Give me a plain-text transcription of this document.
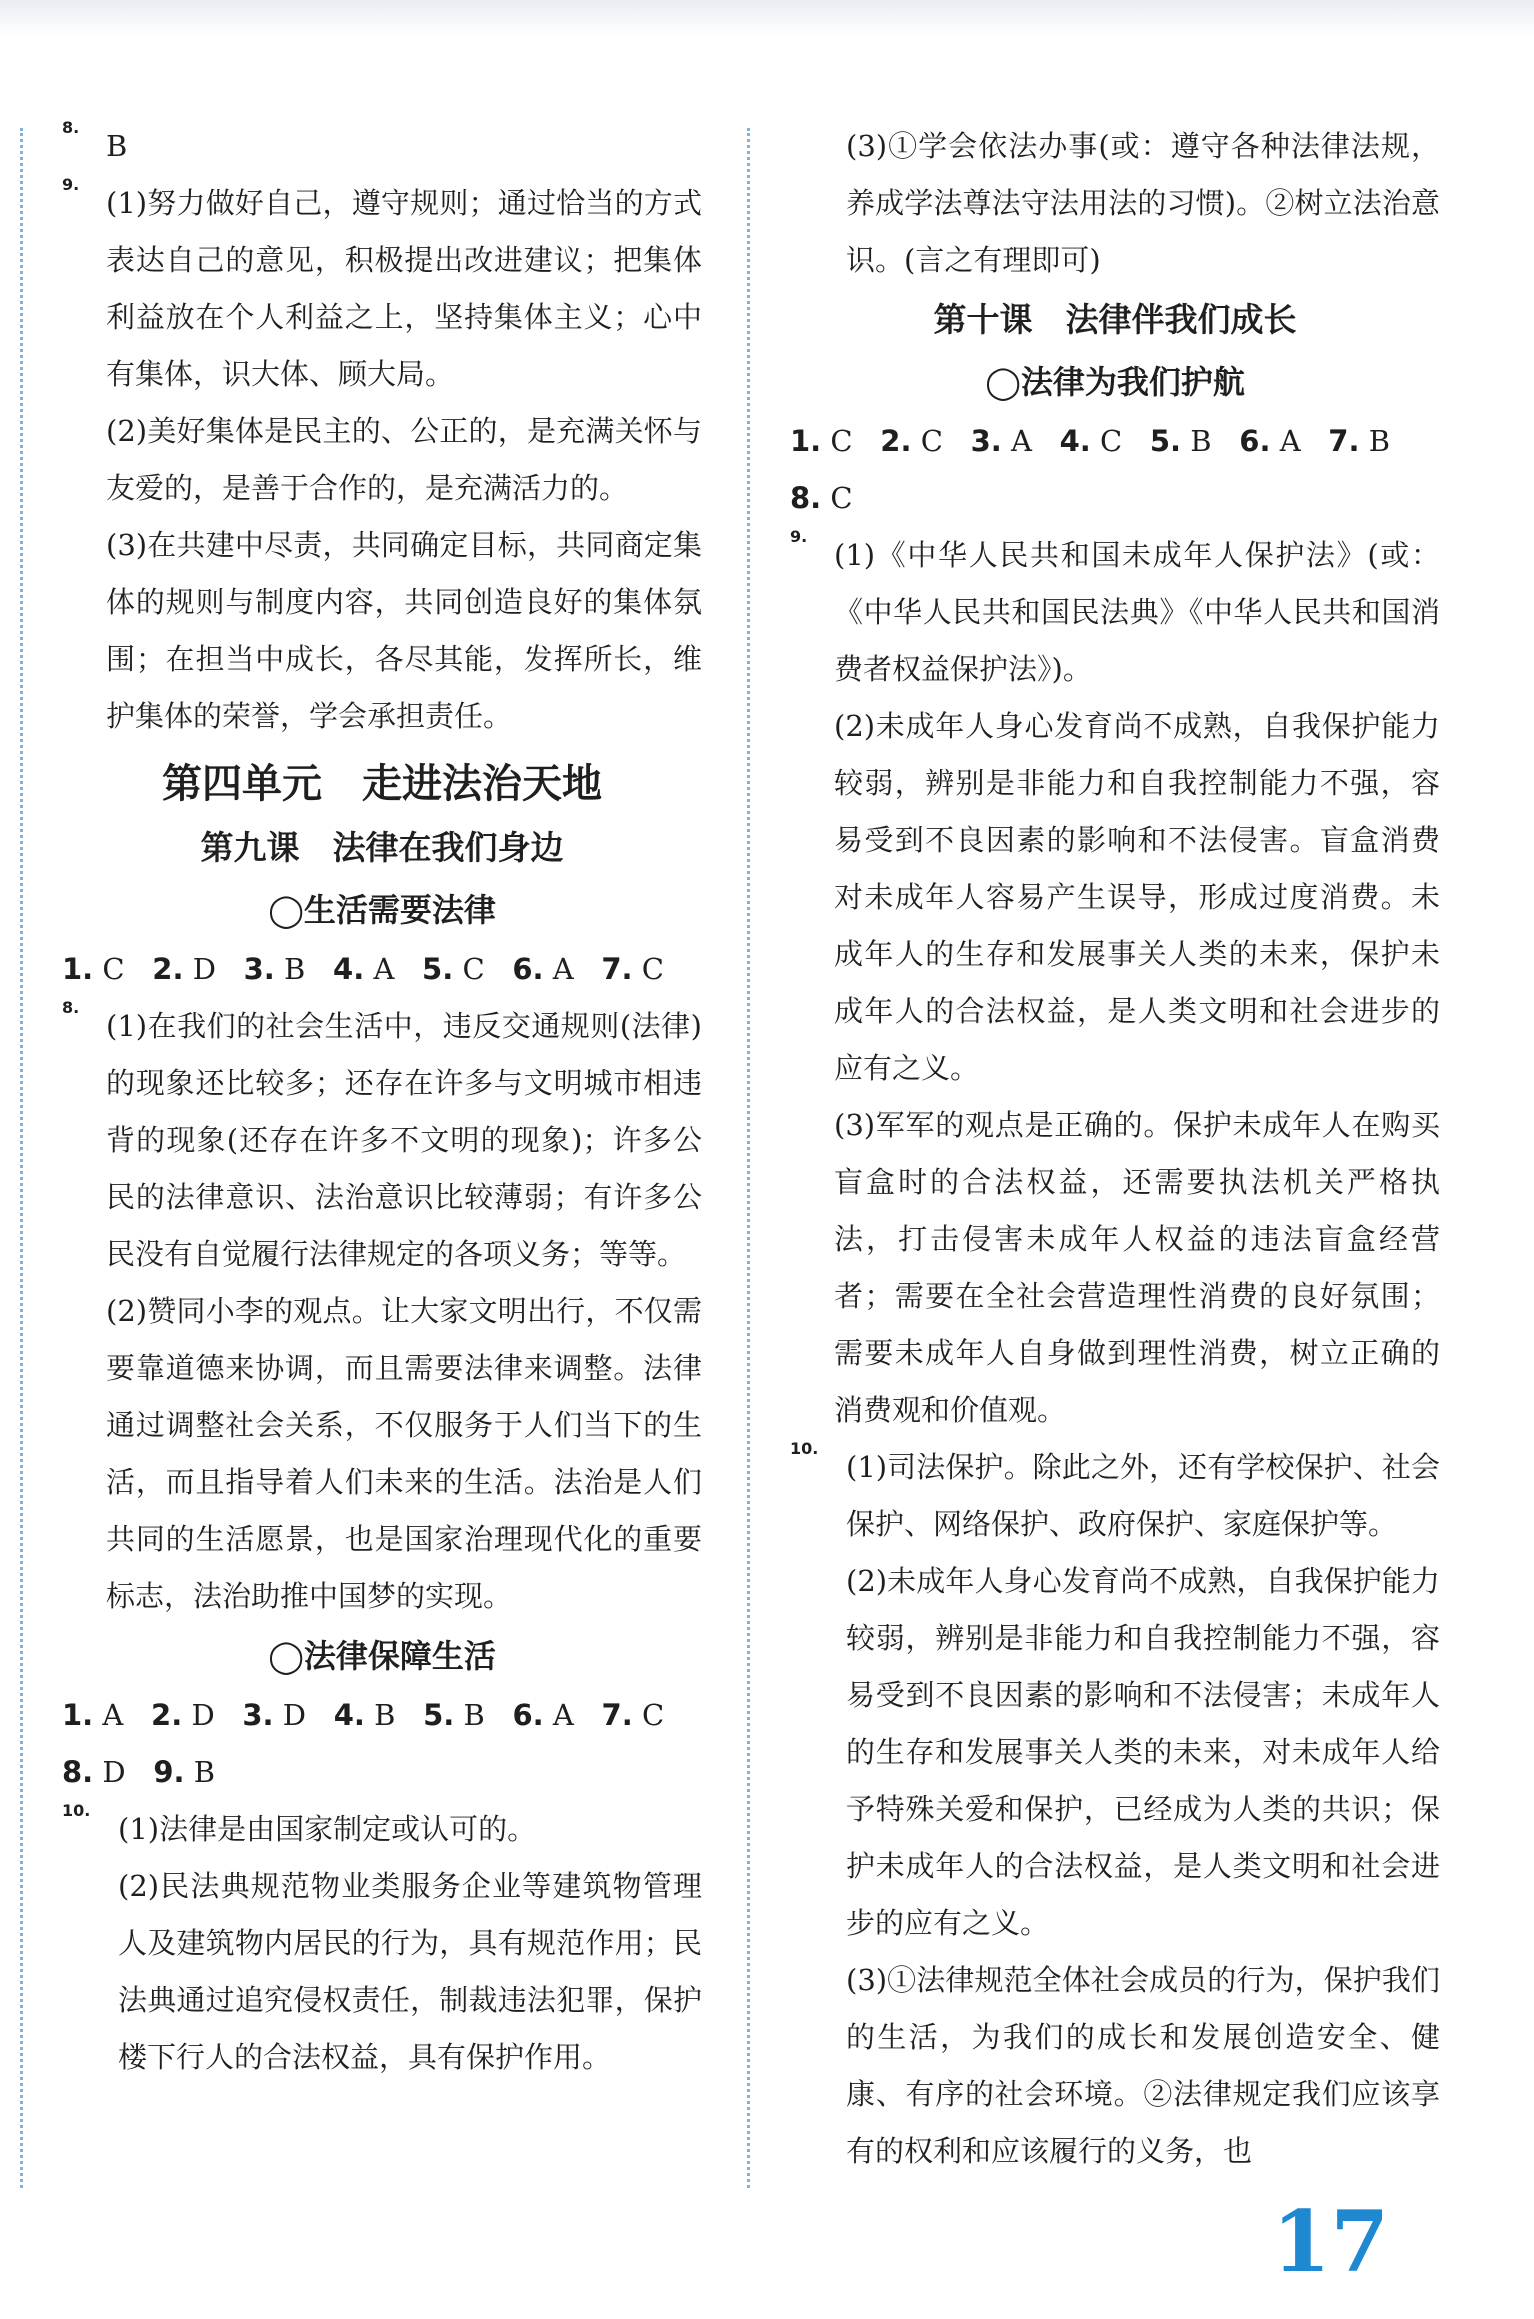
8.

B

9.

(1)努力做好自己，遵守规则；通过恰当的方式表达自己的意见，积极提出改进建议；把集体利益放在个人利益之上，坚持集体主义；心中有集体，识大体、顾大局。

(2)美好集体是民主的、公正的，是充满关怀与友爱的，是善于合作的，是充满活力的。

(3)在共建中尽责，共同确定目标，共同商定集体的规则与制度内容，共同创造良好的集体氛围；在担当中成长，各尽其能，发挥所长，维护集体的荣誉，学会承担责任。

第四单元　走进法治天地
第九课　法律在我们身边
◯生活需要法律

1. C 2. D 3. B 4. A 5. C 6. A 7. C

8.

(1)在我们的社会生活中，违反交通规则(法律)的现象还比较多；还存在许多与文明城市相违背的现象(还存在许多不文明的现象)；许多公民的法律意识、法治意识比较薄弱；有许多公民没有自觉履行法律规定的各项义务；等等。

(2)赞同小李的观点。让大家文明出行，不仅需要靠道德来协调，而且需要法律来调整。法律通过调整社会关系，不仅服务于人们当下的生活，而且指导着人们未来的生活。法治是人们共同的生活愿景，也是国家治理现代化的重要标志，法治助推中国梦的实现。

◯法律保障生活

1. A 2. D 3. D 4. B 5. B 6. A 7. C

8. D 9. B

10.

(1)法律是由国家制定或认可的。

(2)民法典规范物业类服务企业等建筑物管理人及建筑物内居民的行为，具有规范作用；民法典通过追究侵权责任，制裁违法犯罪，保护楼下行人的合法权益，具有保护作用。

(3)①学会依法办事(或：遵守各种法律法规，养成学法尊法守法用法的习惯)。②树立法治意识。(言之有理即可)

第十课　法律伴我们成长
◯法律为我们护航

1. C 2. C 3. A 4. C 5. B 6. A 7. B

8. C

9.

(1)《中华人民共和国未成年人保护法》(或：《中华人民共和国民法典》《中华人民共和国消费者权益保护法》)。

(2)未成年人身心发育尚不成熟，自我保护能力较弱，辨别是非能力和自我控制能力不强，容易受到不良因素的影响和不法侵害。盲盒消费对未成年人容易产生误导，形成过度消费。未成年人的生存和发展事关人类的未来，保护未成年人的合法权益，是人类文明和社会进步的应有之义。

(3)军军的观点是正确的。保护未成年人在购买盲盒时的合法权益，还需要执法机关严格执法，打击侵害未成年人权益的违法盲盒经营者；需要在全社会营造理性消费的良好氛围；需要未成年人自身做到理性消费，树立正确的消费观和价值观。

10.

(1)司法保护。除此之外，还有学校保护、社会保护、网络保护、政府保护、家庭保护等。

(2)未成年人身心发育尚不成熟，自我保护能力较弱，辨别是非能力和自我控制能力不强，容易受到不良因素的影响和不法侵害；未成年人的生存和发展事关人类的未来，对未成年人给予特殊关爱和保护，已经成为人类的共识；保护未成年人的合法权益，是人类文明和社会进步的应有之义。

(3)①法律规范全体社会成员的行为，保护我们的生活，为我们的成长和发展创造安全、健康、有序的社会环境。②法律规定我们应该享有的权利和应该履行的义务，也

17
